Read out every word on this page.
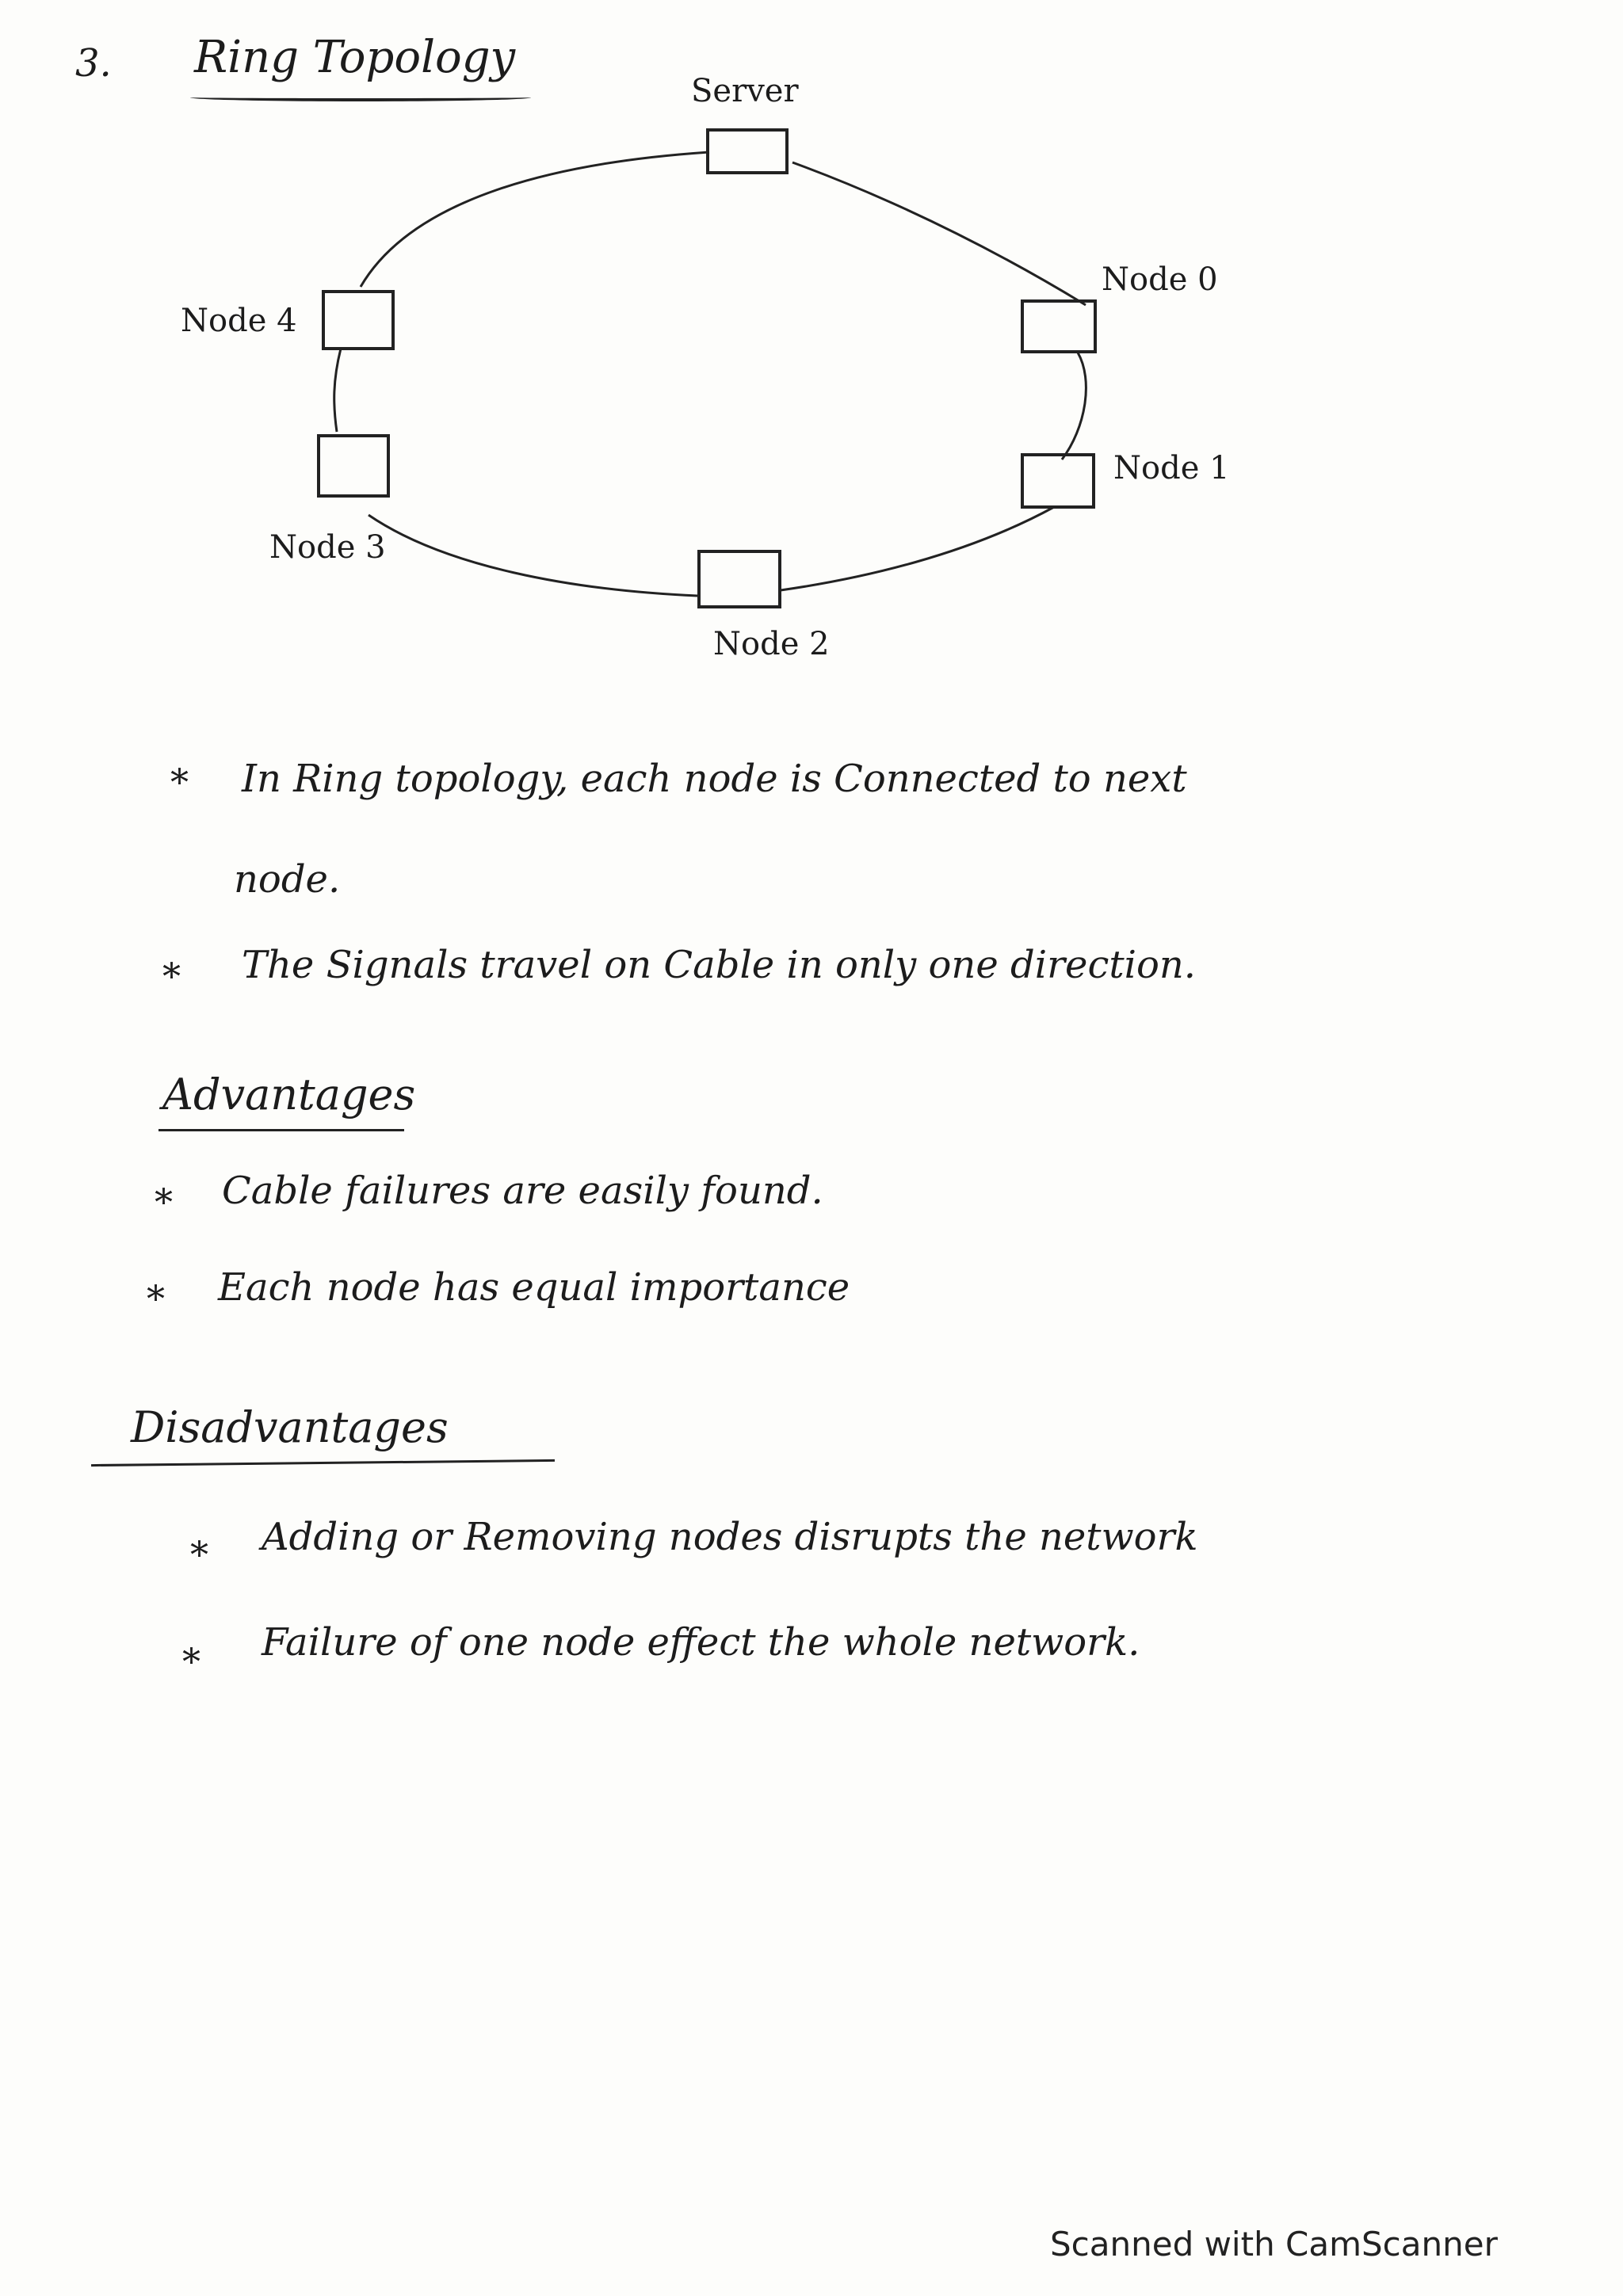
3. Ring Topology
Server
Node 0
Node 1
Node 2
Node 3
Node 4
* In Ring topology, each node is Connected to next
node.
* The Signals travel on Cable in only one direction.
Advantages
* Cable failures are easily found.
* Each node has equal importance
Disadvantages
* Adding or Removing nodes disrupts the network
* Failure of one node effect the whole network.
Scanned with CamScanner
